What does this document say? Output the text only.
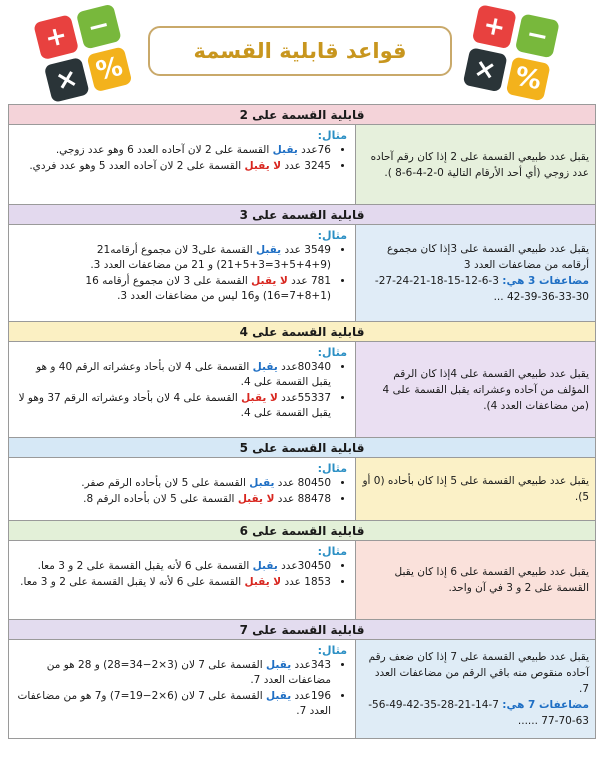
+ −
× %
قواعد قابلية القسمة
+ −
× %
قابلية القسمة على 2
يقبل عدد طبيعي القسمة على 2 إذا كان رقم آحاده عدد زوجي (أي أحد الأرقام التالية 0-2-4-6-8 ).
مثال:
• 76عدد يقبل القسمة على 2 لان آحاده العدد 6 وهو عدد زوجي.
• 3245 عدد لا يقبل القسمة على 2 لان آحاده العدد 5 وهو عدد فردي.
قابلية القسمة على 3
يقبل عدد طبيعي القسمة على 3إذا كان مجموع أرقامه من مضاعفات العدد 3
مضاعفات 3 هي: 3-6-12-15-18-21-24-27-30-33-36-39-42 ...
مثال:
• 3549 عدد يقبل القسمة على3 لان مجموع أرقامه21 (9+4+5+3=3+5+21) و 21 من مضاعفات العدد 3.
• 781 عدد لا يقبل القسمة على 3 لان مجموع أرقامه 16 (1+8+7=16) و16 ليس من مضاعفات العدد 3.
قابلية القسمة على 4
يقبل عدد طبيعي القسمة على 4إذا كان الرقم المؤلف من آحاده وعشراته يقبل القسمة على 4 (من مضاعفات العدد 4).
مثال:
• 80340عدد يقبل القسمة على 4 لان بأحاد وعشراته الرقم 40 و هو يقبل القسمة على 4.
• 55337عدد لا يقبل القسمة على 4 لان بأحاد وعشراته الرقم 37 وهو لا يقبل القسمة على 4.
قابلية القسمة على 5
يقبل عدد طبيعي القسمة على 5 إذا كان بأحاده (0 أو 5).
مثال:
• 80450 عدد يقبل القسمة على 5 لان بأحاده الرقم صفر.
• 88478 عدد لا يقبل القسمة على 5 لان بأحاده الرقم 8.
قابلية القسمة على 6
يقبل عدد طبيعي القسمة على 6 إذا كان يقبل القسمة على 2 و 3 في آن واحد.
مثال:
• 30450عدد يقبل القسمة على 6 لأنه يقبل القسمة على 2 و 3 معا.
• 1853 عدد لا يقبل القسمة على 6 لأنه لا يقبل القسمة على 2 و 3 معا.
قابلية القسمة على 7
يقبل عدد طبيعي القسمة على 7 إذا كان ضعف رقم آحاده منقوص منه باقي الرقم من مضاعفات العدد 7.
مضاعفات 7 هي: 7-14-21-28-35-42-49-56-63-70-77 ......
مثال:
• 343عدد يقبل القسمة على 7 لان (3×2−34=28) و 28 هو من مضاعفات العدد 7.
• 196عدد يقبل القسمة على 7 لان (6×2−19=7) و7 هو من مضاعفات العدد 7.
